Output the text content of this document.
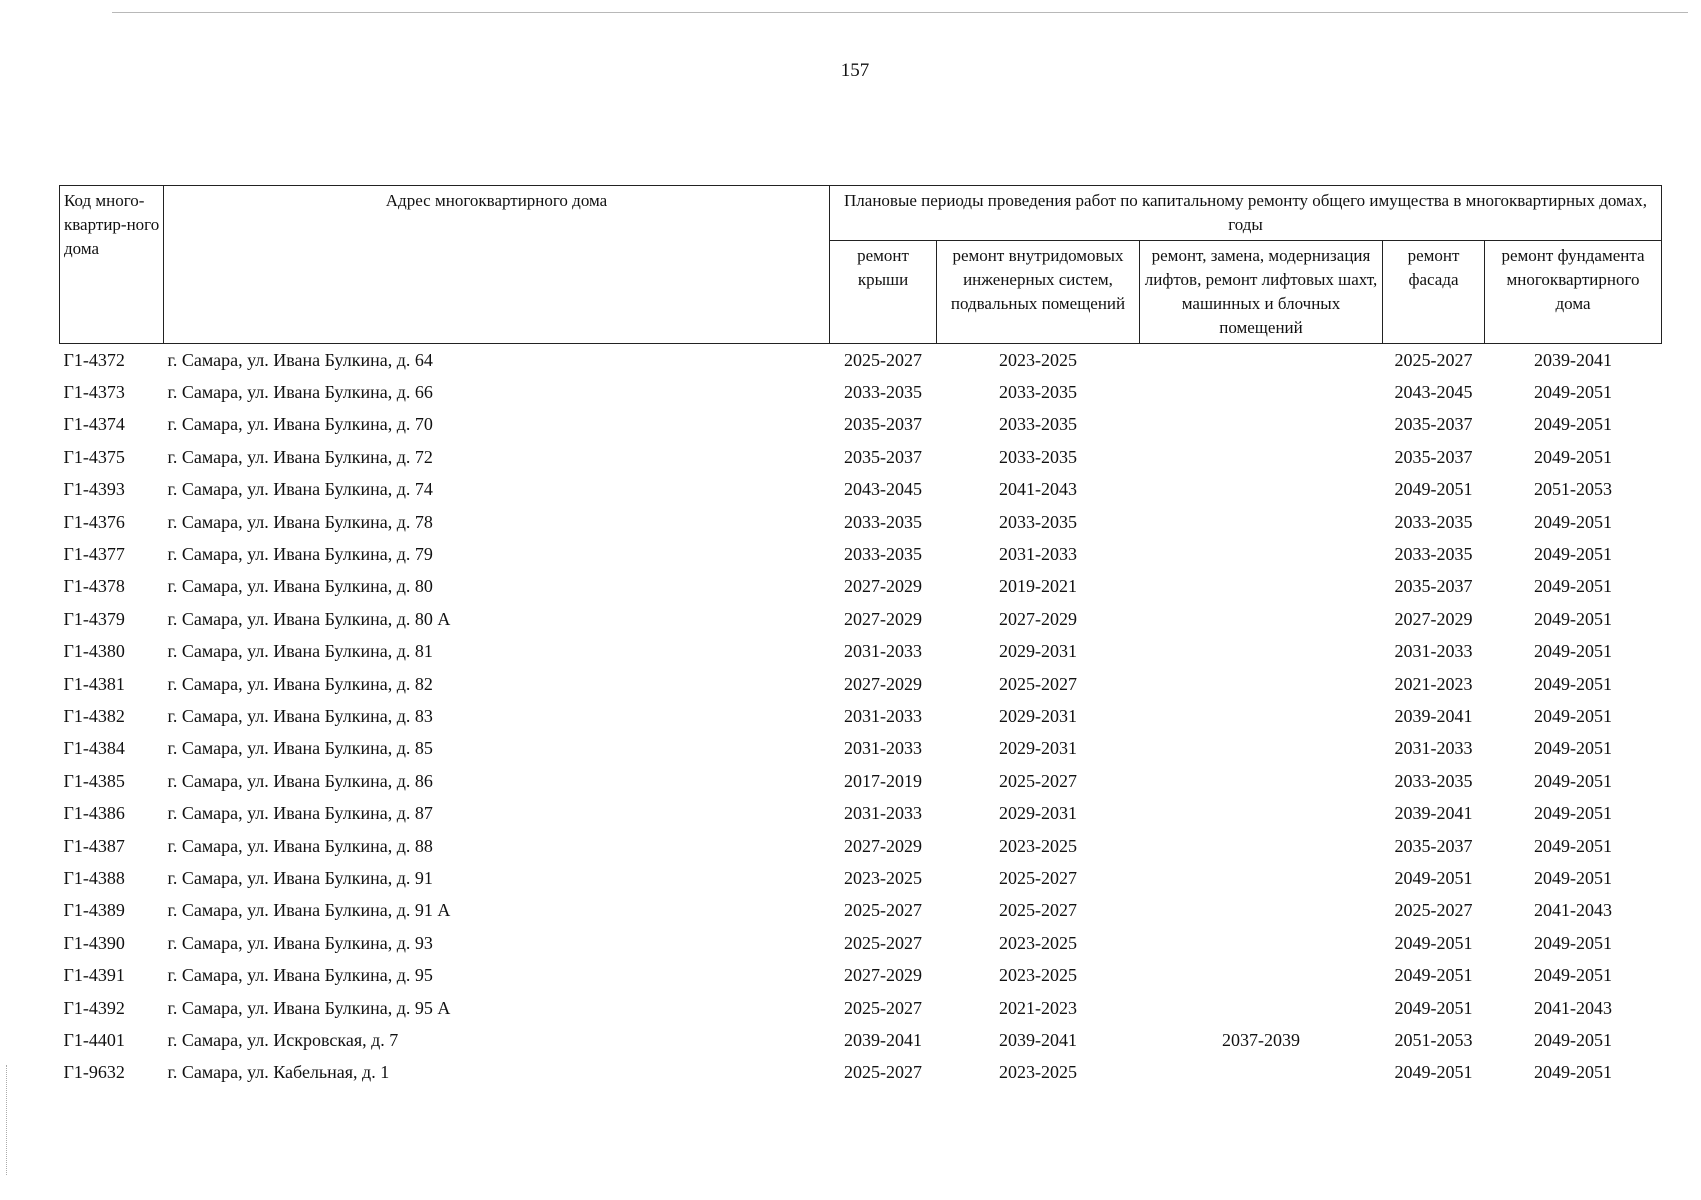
157
Код много-квартир-ного дома	Адрес многоквартирного дома	Плановые периоды проведения работ по капитальному ремонту общего имущества в многоквартирных домах, годы				
		ремонт крыши	ремонт внутридомовых инженерных систем, подвальных помещений	ремонт, замена, модернизация лифтов, ремонт лифтовых шахт, машинных и блочных помещений	ремонт фасада	ремонт фундамента многоквартирного дома
Г1-4372	г. Самара, ул. Ивана Булкина, д. 64	2025-2027	2023-2025		2025-2027	2039-2041
Г1-4373	г. Самара, ул. Ивана Булкина, д. 66	2033-2035	2033-2035		2043-2045	2049-2051
Г1-4374	г. Самара, ул. Ивана Булкина, д. 70	2035-2037	2033-2035		2035-2037	2049-2051
Г1-4375	г. Самара, ул. Ивана Булкина, д. 72	2035-2037	2033-2035		2035-2037	2049-2051
Г1-4393	г. Самара, ул. Ивана Булкина, д. 74	2043-2045	2041-2043		2049-2051	2051-2053
Г1-4376	г. Самара, ул. Ивана Булкина, д. 78	2033-2035	2033-2035		2033-2035	2049-2051
Г1-4377	г. Самара, ул. Ивана Булкина, д. 79	2033-2035	2031-2033		2033-2035	2049-2051
Г1-4378	г. Самара, ул. Ивана Булкина, д. 80	2027-2029	2019-2021		2035-2037	2049-2051
Г1-4379	г. Самара, ул. Ивана Булкина, д. 80 А	2027-2029	2027-2029		2027-2029	2049-2051
Г1-4380	г. Самара, ул. Ивана Булкина, д. 81	2031-2033	2029-2031		2031-2033	2049-2051
Г1-4381	г. Самара, ул. Ивана Булкина, д. 82	2027-2029	2025-2027		2021-2023	2049-2051
Г1-4382	г. Самара, ул. Ивана Булкина, д. 83	2031-2033	2029-2031		2039-2041	2049-2051
Г1-4384	г. Самара, ул. Ивана Булкина, д. 85	2031-2033	2029-2031		2031-2033	2049-2051
Г1-4385	г. Самара, ул. Ивана Булкина, д. 86	2017-2019	2025-2027		2033-2035	2049-2051
Г1-4386	г. Самара, ул. Ивана Булкина, д. 87	2031-2033	2029-2031		2039-2041	2049-2051
Г1-4387	г. Самара, ул. Ивана Булкина, д. 88	2027-2029	2023-2025		2035-2037	2049-2051
Г1-4388	г. Самара, ул. Ивана Булкина, д. 91	2023-2025	2025-2027		2049-2051	2049-2051
Г1-4389	г. Самара, ул. Ивана Булкина, д. 91 А	2025-2027	2025-2027		2025-2027	2041-2043
Г1-4390	г. Самара, ул. Ивана Булкина, д. 93	2025-2027	2023-2025		2049-2051	2049-2051
Г1-4391	г. Самара, ул. Ивана Булкина, д. 95	2027-2029	2023-2025		2049-2051	2049-2051
Г1-4392	г. Самара, ул. Ивана Булкина, д. 95 А	2025-2027	2021-2023		2049-2051	2041-2043
Г1-4401	г. Самара, ул. Искровская, д. 7	2039-2041	2039-2041	2037-2039	2051-2053	2049-2051
Г1-9632	г. Самара, ул. Кабельная, д. 1	2025-2027	2023-2025		2049-2051	2049-2051
